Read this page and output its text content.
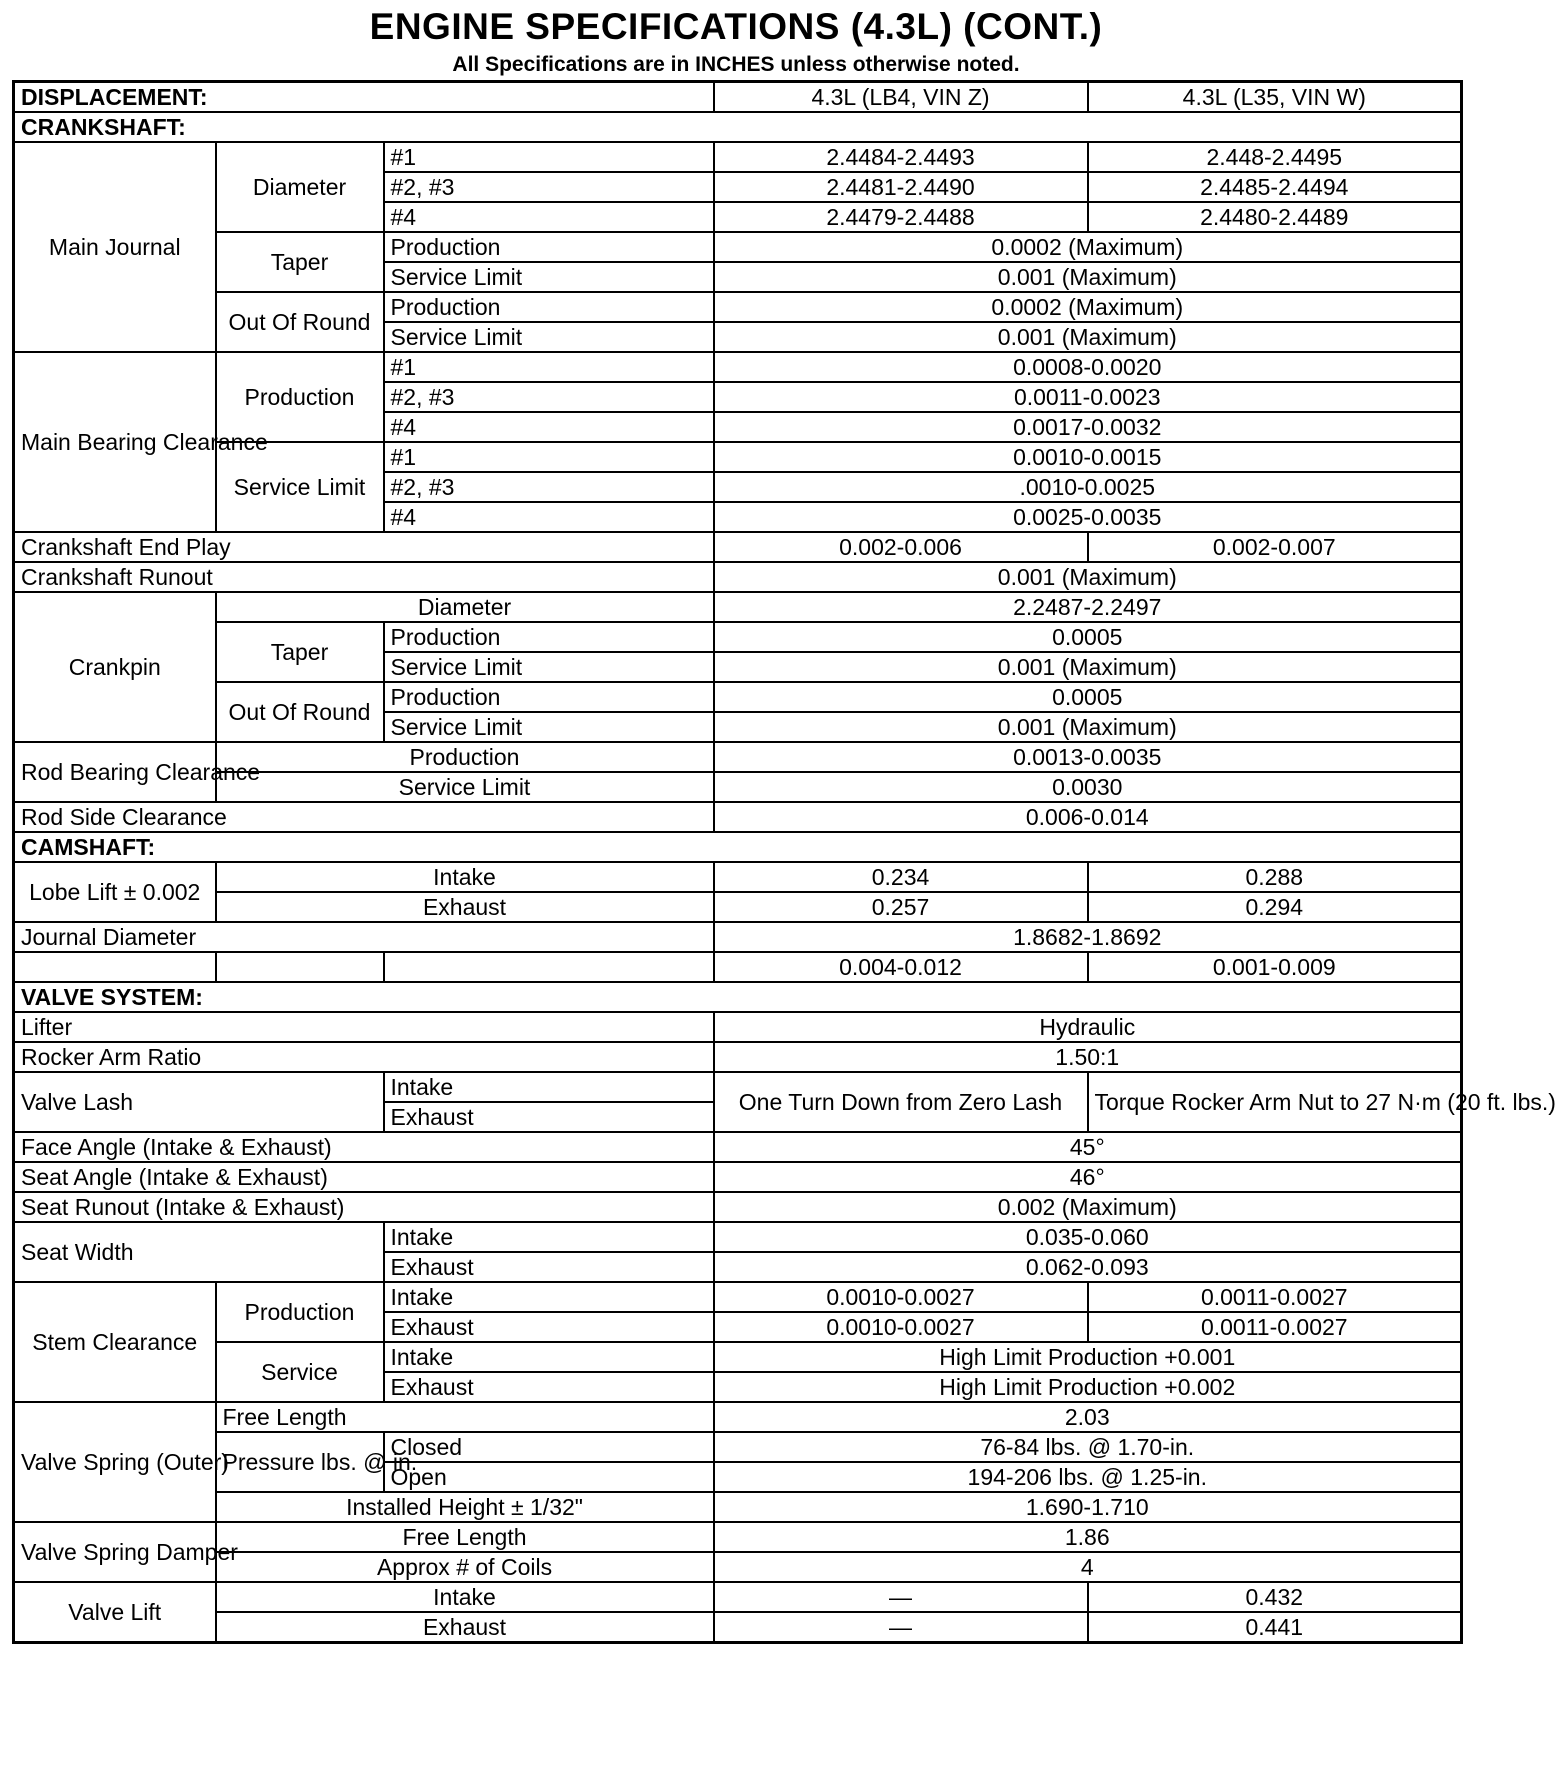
ENGINE SPECIFICATIONS (4.3L) (CONT.)
All Specifications are in INCHES unless otherwise noted.
DISPLACEMENT:			4.3L (LB4, VIN Z)	4.3L (L35, VIN W)
CRANKSHAFT:				
Main Journal	Diameter	#1	2.4484-2.4493	2.448-2.4495
		#2, #3	2.4481-2.4490	2.4485-2.4494
		#4	2.4479-2.4488	2.4480-2.4489
	Taper	Production	0.0002 (Maximum)	
		Service Limit	0.001 (Maximum)	
	Out Of Round	Production	0.0002 (Maximum)	
		Service Limit	0.001 (Maximum)	
Main Bearing Clearance	Production	#1	0.0008-0.0020	
		#2, #3	0.0011-0.0023	
		#4	0.0017-0.0032	
	Service Limit	#1	0.0010-0.0015	
		#2, #3	.0010-0.0025	
		#4	0.0025-0.0035	
Crankshaft End Play			0.002-0.006	0.002-0.007
Crankshaft Runout			0.001 (Maximum)	
Crankpin	Diameter		2.2487-2.2497	
	Taper	Production	0.0005	
		Service Limit	0.001 (Maximum)	
	Out Of Round	Production	0.0005	
		Service Limit	0.001 (Maximum)	
Rod Bearing Clearance	Production		0.0013-0.0035	
	Service Limit		0.0030	
Rod Side Clearance			0.006-0.014	
CAMSHAFT:				
Lobe Lift ± 0.002	Intake		0.234	0.288
	Exhaust		0.257	0.294
Journal Diameter			1.8682-1.8692	
			0.004-0.012	0.001-0.009
VALVE SYSTEM:				
Lifter			Hydraulic	
Rocker Arm Ratio			1.50:1	
Valve Lash		Intake	One Turn Down from Zero Lash	Torque Rocker Arm Nut to 27 N·m (20 ft. lbs.)
		Exhaust		
Face Angle (Intake & Exhaust)			45°	
Seat Angle (Intake & Exhaust)			46°	
Seat Runout (Intake & Exhaust)			0.002 (Maximum)	
Seat Width		Intake	0.035-0.060	
		Exhaust	0.062-0.093	
Stem Clearance	Production	Intake	0.0010-0.0027	0.0011-0.0027
		Exhaust	0.0010-0.0027	0.0011-0.0027
	Service	Intake	High Limit Production +0.001	
		Exhaust	High Limit Production +0.002	
Valve Spring (Outer)	Free Length		2.03	
	Pressure lbs. @ in.	Closed	76-84 lbs. @ 1.70-in.	
		Open	194-206 lbs. @ 1.25-in.	
	Installed Height ± 1/32"		1.690-1.710	
Valve Spring Damper	Free Length		1.86	
	Approx # of Coils		4	
Valve Lift	Intake		—	0.432
	Exhaust		—	0.441
